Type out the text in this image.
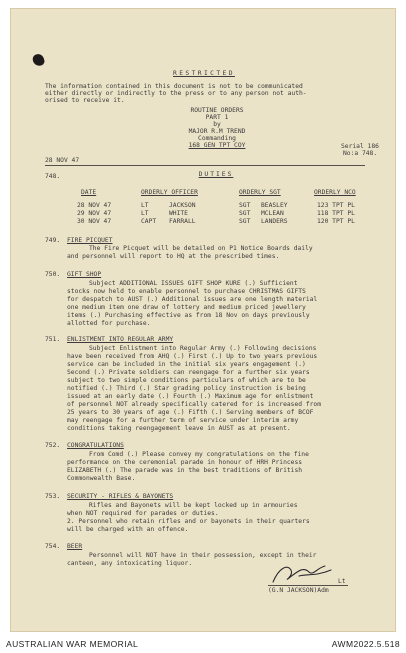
RESTRICTED
The information contained in this document is not to be communicated
either directly or indirectly to the press or to any person not auth-
orised to receive it.
ROUTINE ORDERS
PART 1
by
MAJOR R.M TREND
Commanding
168 GEN TPT COY	Serial 186
No:a 748.
28 NOV 47
748.	DUTIES
DATE	ORDERLY OFFICER	ORDERLY SGT	ORDERLY NCO
28 NOV 47	LT	JACKSON	SGT BEASLEY	123 TPT PL
29 NOV 47	LT	WHITE	SGT MCLEAN	118 TPT PL
30 NOV 47	CAPT FARRALL	SGT LANDERS	120 TPT PL
749. FIRE PICQUET
The Fire Picquet will be detailed on P1 Notice Boards daily
and personnel will report to HQ at the prescribed times.
750. GIFT SHOP
Subject ADDITIONAL ISSUES GIFT SHOP KURE (.) Sufficient
stocks now held to enable personnel to purchase CHRISTMAS GIFTS
for despatch to AUST (.) Additional issues are one length material
one medium item one draw of lottery and medium priced jewellery
items (.) Purchasing effective as from 18 Nov on days previously
allotted for purchase.
751. ENLISTMENT INTO REGULAR ARMY
Subject Enlistment into Regular Army (.) Following decisions
have been received from AHQ (.) First (.) Up to two years previous
service can be included in the initial six years engagement (.)
Second (.) Private soldiers can reengage for a further six years
subject to two simple conditions particulars of which are to be
notified (.) Third (.) Star grading policy instruction is being
issued at an early date (.) Fourth (.) Maximum age for enlistment
of personnel NOT already specifically catered for is increased from
25 years to 30 years of age (.) Fifth (.) Serving members of BCOF
may reengage for a further term of service under interim army
conditions taking reengagement leave in AUST as at present.
752. CONGRATULATIONS
From Comd (.) Please convey my congratulations on the fine
performance on the ceremonial parade in honour of HRH Princess
ELIZABETH (.) The parade was in the best traditions of British
Commonwealth Base.
753. SECURITY - RIFLES & BAYONETS
Rifles and Bayonets will be kept locked up in armouries
when NOT required for parades or duties.
2. Personnel who retain rifles and or bayonets in their quarters
will be charged with an offence.
754. BEER
Personnel will NOT have in their possession, except in their
canteen, any intoxicating liquor.
Lt
(G.N JACKSON)Adm
AUSTRALIAN WAR MEMORIAL	AWM2022.5.518
